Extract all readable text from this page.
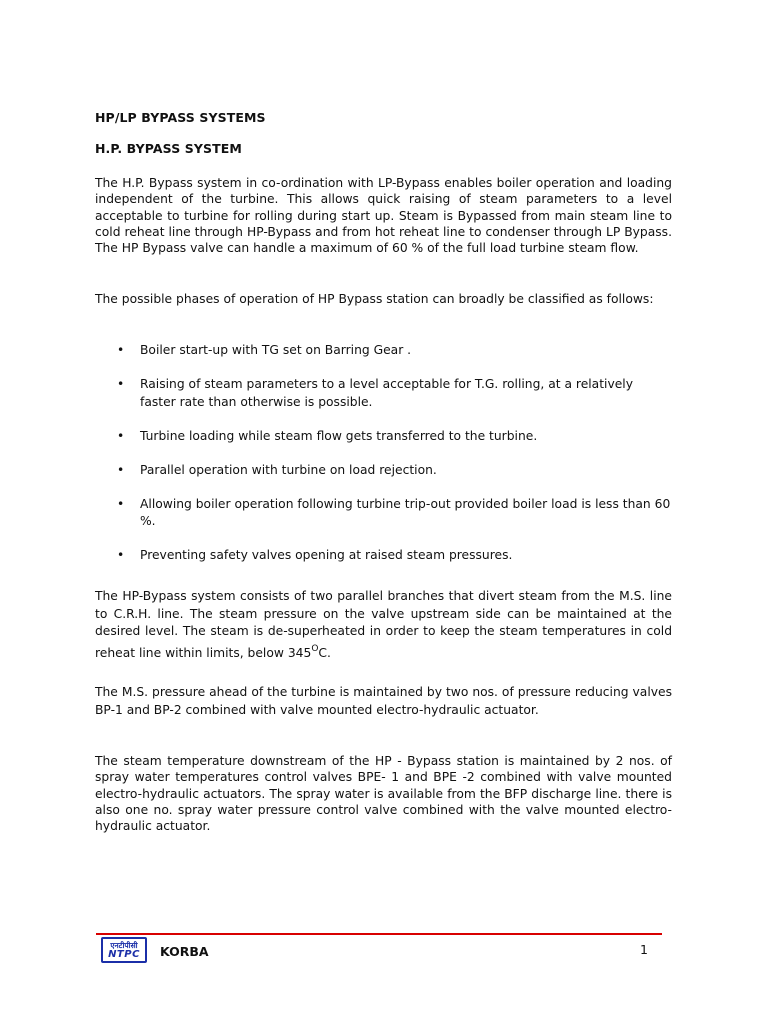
HP/LP BYPASS SYSTEMS
H.P. BYPASS SYSTEM

The H.P. Bypass system in co-ordination with LP-Bypass enables boiler operation and loading independent of the turbine. This allows quick raising of steam parameters to a level acceptable to turbine for rolling during start up. Steam is Bypassed from main steam line to cold reheat line through HP-Bypass and from hot reheat line to condenser through LP Bypass. The HP Bypass valve can handle a maximum of 60 % of the full load turbine steam flow.

The possible phases of operation of HP Bypass station can broadly be classified as follows:

• Boiler start-up with TG set on Barring Gear .
• Raising of steam parameters to a level acceptable for T.G. rolling, at a relatively faster rate than otherwise is possible.
• Turbine loading while steam flow gets transferred to the turbine.
• Parallel operation with turbine on load rejection.
• Allowing boiler operation following turbine trip-out provided boiler load is less than 60 %.
• Preventing safety valves opening at raised steam pressures.

The HP-Bypass system consists of two parallel branches that divert steam from the M.S. line to C.R.H. line. The steam pressure on the valve upstream side can be maintained at the desired level. The steam is de-superheated in order to keep the steam temperatures in cold reheat line within limits, below $345^OC$.

The M.S. pressure ahead of the turbine is maintained by two nos. of pressure reducing valves BP-1 and BP-2 combined with valve mounted electro-hydraulic actuator.

The steam temperature downstream of the HP - Bypass station is maintained by 2 nos. of spray water temperatures control valves BPE- 1 and BPE -2 combined with valve mounted electro-hydraulic actuators. The spray water is available from the BFP discharge line. there is also one no. spray water pressure control valve combined with the valve mounted electro-hydraulic actuator.

एनटीपीसी
NTPC KORBA	1
